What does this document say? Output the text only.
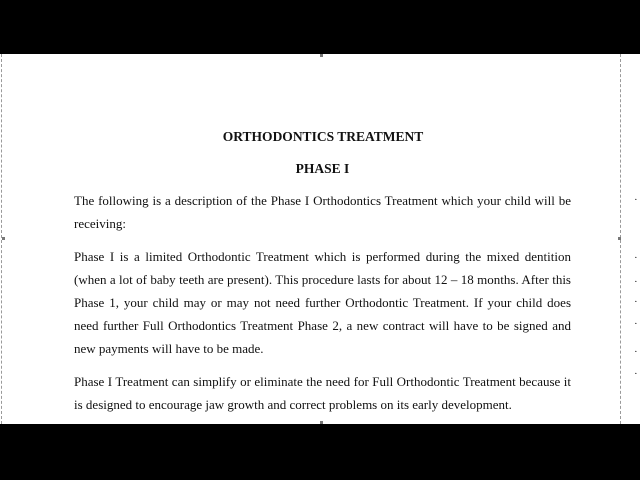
ORTHODONTICS TREATMENT

PHASE I

The following is a description of the Phase I Orthodontics Treatment which your child will be receiving:

Phase I is a limited Orthodontic Treatment which is performed during the mixed dentition (when a lot of baby teeth are present). This procedure lasts for about 12 – 18 months. After this Phase 1, your child may or may not need further Orthodontic Treatment. If your child does need further Full Orthodontics Treatment Phase 2, a new contract will have to be signed and new payments will have to be made.

Phase I Treatment can simplify or eliminate the need for Full Orthodontic Treatment because it is designed to encourage jaw growth and correct problems on its early development.

·
·
·
·
·
·
·
